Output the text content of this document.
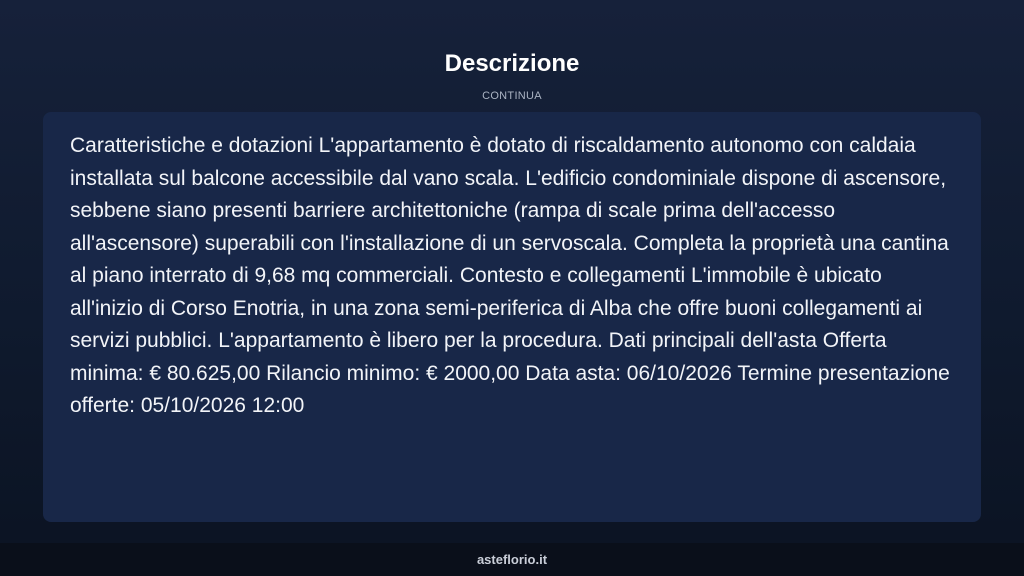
Descrizione
CONTINUA

Caratteristiche e dotazioni L'appartamento è dotato di riscaldamento autonomo con caldaia installata sul balcone accessibile dal vano scala. L'edificio condominiale dispone di ascensore, sebbene siano presenti barriere architettoniche (rampa di scale prima dell'accesso all'ascensore) superabili con l'installazione di un servoscala. Completa la proprietà una cantina al piano interrato di 9,68 mq commerciali. Contesto e collegamenti L'immobile è ubicato all'inizio di Corso Enotria, in una zona semi-periferica di Alba che offre buoni collegamenti ai servizi pubblici. L'appartamento è libero per la procedura. Dati principali dell'asta Offerta minima: € 80.625,00 Rilancio minimo: € 2000,00 Data asta: 06/10/2026 Termine presentazione offerte: 05/10/2026 12:00

asteflorio.it
